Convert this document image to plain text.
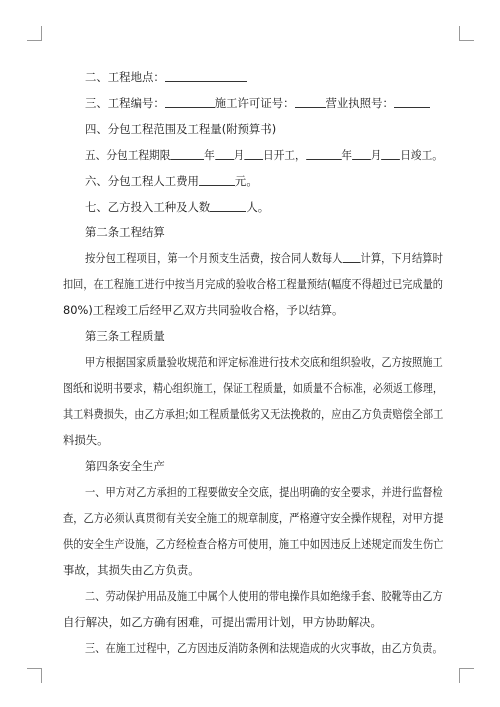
二、工程地点：
三、工程编号：	施工许可证号：	营业执照号：
四、分包工程范围及工程量(附预算书)
五、分包工程期限	年 月 日开工，	年 月 日竣工。
六、分包工程人工费用	元。
七、乙方投入工种及人数	人。
第二条工程结算
按分包工程项目，第一个月预支生活费，按合同人数每人 计算，下月结算时
扣回，在工程施工进行中按当月完成的验收合格工程量预结(幅度不得超过已完成量的
80%)工程竣工后经甲乙双方共同验收合格，予以结算。
第三条工程质量
甲方根据国家质量验收规范和评定标准进行技术交底和组织验收，乙方按照施工
图纸和说明书要求，精心组织施工，保证工程质量，如质量不合标准，必须返工修理，
其工料费损失，由乙方承担;如工程质量低劣又无法挽救的，应由乙方负责赔偿全部工
料损失。
第四条安全生产
一、甲方对乙方承担的工程要做安全交底，提出明确的安全要求，并进行监督检
查，乙方必须认真贯彻有关安全施工的规章制度，严格遵守安全操作规程，对甲方提
供的安全生产设施，乙方经检查合格方可使用，施工中如因违反上述规定而发生伤亡
事故，其损失由乙方负责。
二、劳动保护用品及施工中属个人使用的带电操作具如绝缘手套、胶靴等由乙方
自行解决，如乙方确有困难，可提出需用计划，甲方协助解决。
三、在施工过程中，乙方因违反消防条例和法规造成的火灾事故，由乙方负责。
